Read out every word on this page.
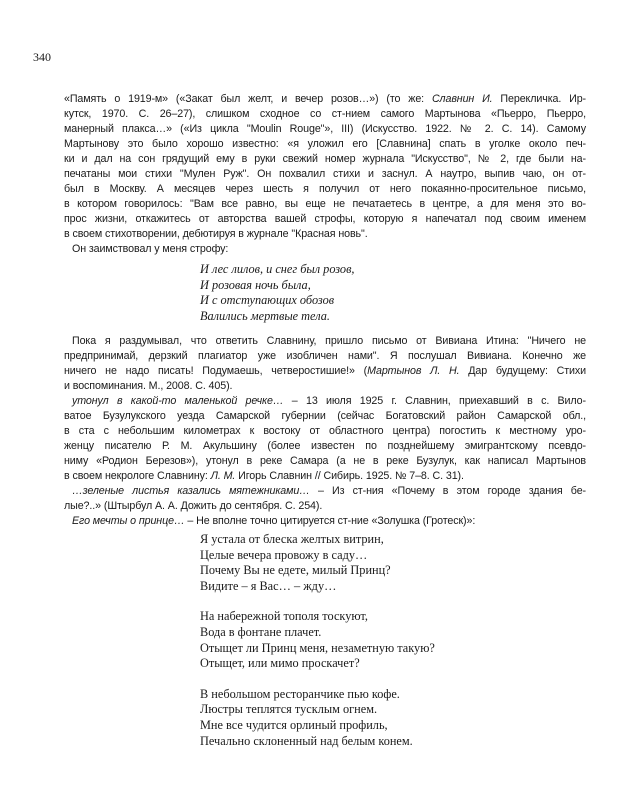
340
«Память о 1919-м» («Закат был желт, и вечер розов…») (то же: Славнин И. Перекличка. Ир-
кутск, 1970. С. 26–27), слишком сходное со ст-нием самого Мартынова «Пьерро, Пьерро,
манерный плакса…» («Из цикла "Moulin Rouge"», III) (Искусство. 1922. № 2. С. 14). Самому
Мартынову это было хорошо известно: «я уложил его [Славнина] спать в уголке около печ-
ки и дал на сон грядущий ему в руки свежий номер журнала "Искусство", № 2, где были на-
печатаны мои стихи "Мулен Руж". Он похвалил стихи и заснул. А наутро, выпив чаю, он от-
был в Москву. А месяцев через шесть я получил от него покаянно-просительное письмо,
в котором говорилось: "Вам все равно, вы еще не печатаетесь в центре, а для меня это во-
прос жизни, откажитесь от авторства вашей строфы, которую я напечатал под своим именем
в своем стихотворении, дебютируя в журнале "Красная новь".
Он заимствовал у меня строфу:
И лес лилов, и снег был розов,
И розовая ночь была,
И с отступающих обозов
Валились мертвые тела.
Пока я раздумывал, что ответить Славнину, пришло письмо от Вивиана Итина: "Ничего не
предпринимай, дерзкий плагиатор уже изобличен нами". Я послушал Вивиана. Конечно же
ничего не надо писать! Подумаешь, четверостишие!» (Мартынов Л. Н. Дар будущему: Стихи
и воспоминания. М., 2008. С. 405).
утонул в какой-то маленькой речке… – 13 июля 1925 г. Славнин, приехавший в с. Вило-
ватое Бузулукского уезда Самарской губернии (сейчас Богатовский район Самарской обл.,
в ста с небольшим километрах к востоку от областного центра) погостить к местному уро-
женцу писателю Р. М. Акульшину (более известен по позднейшему эмигрантскому псевдо-
ниму «Родион Березов»), утонул в реке Самара (а не в реке Бузулук, как написал Мартынов
в своем некрологе Славнину: Л. М. Игорь Славнин // Сибирь. 1925. № 7–8. С. 31).
…зеленые листья казались мятежниками… – Из ст-ния «Почему в этом городе здания бе-
лые?..» (Штырбул А. А. Дожить до сентября. С. 254).
Его мечты о принце… – Не вполне точно цитируется ст-ние «Золушка (Гротеск)»:
Я устала от блеска желтых витрин,
Целые вечера провожу в саду…
Почему Вы не едете, милый Принц?
Видите – я Вас… – жду…
На набережной тополя тоскуют,
Вода в фонтане плачет.
Отыщет ли Принц меня, незаметную такую?
Отыщет, или мимо проскачет?
В небольшом ресторанчике пью кофе.
Люстры теплятся тусклым огнем.
Мне все чудится орлиный профиль,
Печально склоненный над белым конем.
